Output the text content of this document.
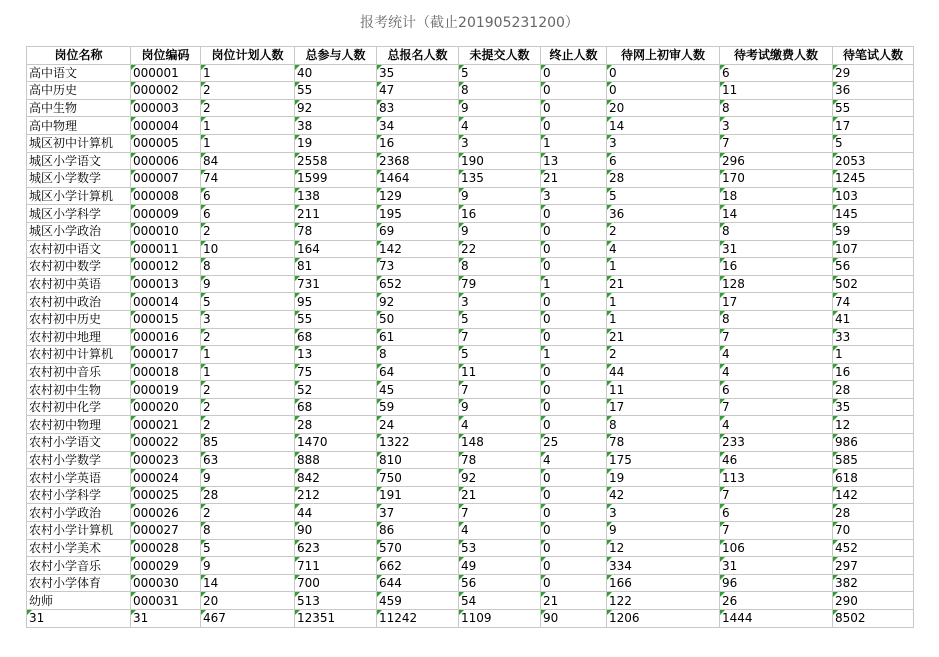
报考统计（截止201905231200）
岗位名称	岗位编码	岗位计划人数	总参与人数	总报名人数	未提交人数	终止人数	待网上初审人数	待考试缴费人数	待笔试人数
高中语文	000001	1	40	35	5	0	0	6	29
高中历史	000002	2	55	47	8	0	0	11	36
高中生物	000003	2	92	83	9	0	20	8	55
高中物理	000004	1	38	34	4	0	14	3	17
城区初中计算机	000005	1	19	16	3	1	3	7	5
城区小学语文	000006	84	2558	2368	190	13	6	296	2053
城区小学数学	000007	74	1599	1464	135	21	28	170	1245
城区小学计算机	000008	6	138	129	9	3	5	18	103
城区小学科学	000009	6	211	195	16	0	36	14	145
城区小学政治	000010	2	78	69	9	0	2	8	59
农村初中语文	000011	10	164	142	22	0	4	31	107
农村初中数学	000012	8	81	73	8	0	1	16	56
农村初中英语	000013	9	731	652	79	1	21	128	502
农村初中政治	000014	5	95	92	3	0	1	17	74
农村初中历史	000015	3	55	50	5	0	1	8	41
农村初中地理	000016	2	68	61	7	0	21	7	33
农村初中计算机	000017	1	13	8	5	1	2	4	1
农村初中音乐	000018	1	75	64	11	0	44	4	16
农村初中生物	000019	2	52	45	7	0	11	6	28
农村初中化学	000020	2	68	59	9	0	17	7	35
农村初中物理	000021	2	28	24	4	0	8	4	12
农村小学语文	000022	85	1470	1322	148	25	78	233	986
农村小学数学	000023	63	888	810	78	4	175	46	585
农村小学英语	000024	9	842	750	92	0	19	113	618
农村小学科学	000025	28	212	191	21	0	42	7	142
农村小学政治	000026	2	44	37	7	0	3	6	28
农村小学计算机	000027	8	90	86	4	0	9	7	70
农村小学美术	000028	5	623	570	53	0	12	106	452
农村小学音乐	000029	9	711	662	49	0	334	31	297
农村小学体育	000030	14	700	644	56	0	166	96	382
幼师	000031	20	513	459	54	21	122	26	290
31	31	467	12351	11242	1109	90	1206	1444	8502
